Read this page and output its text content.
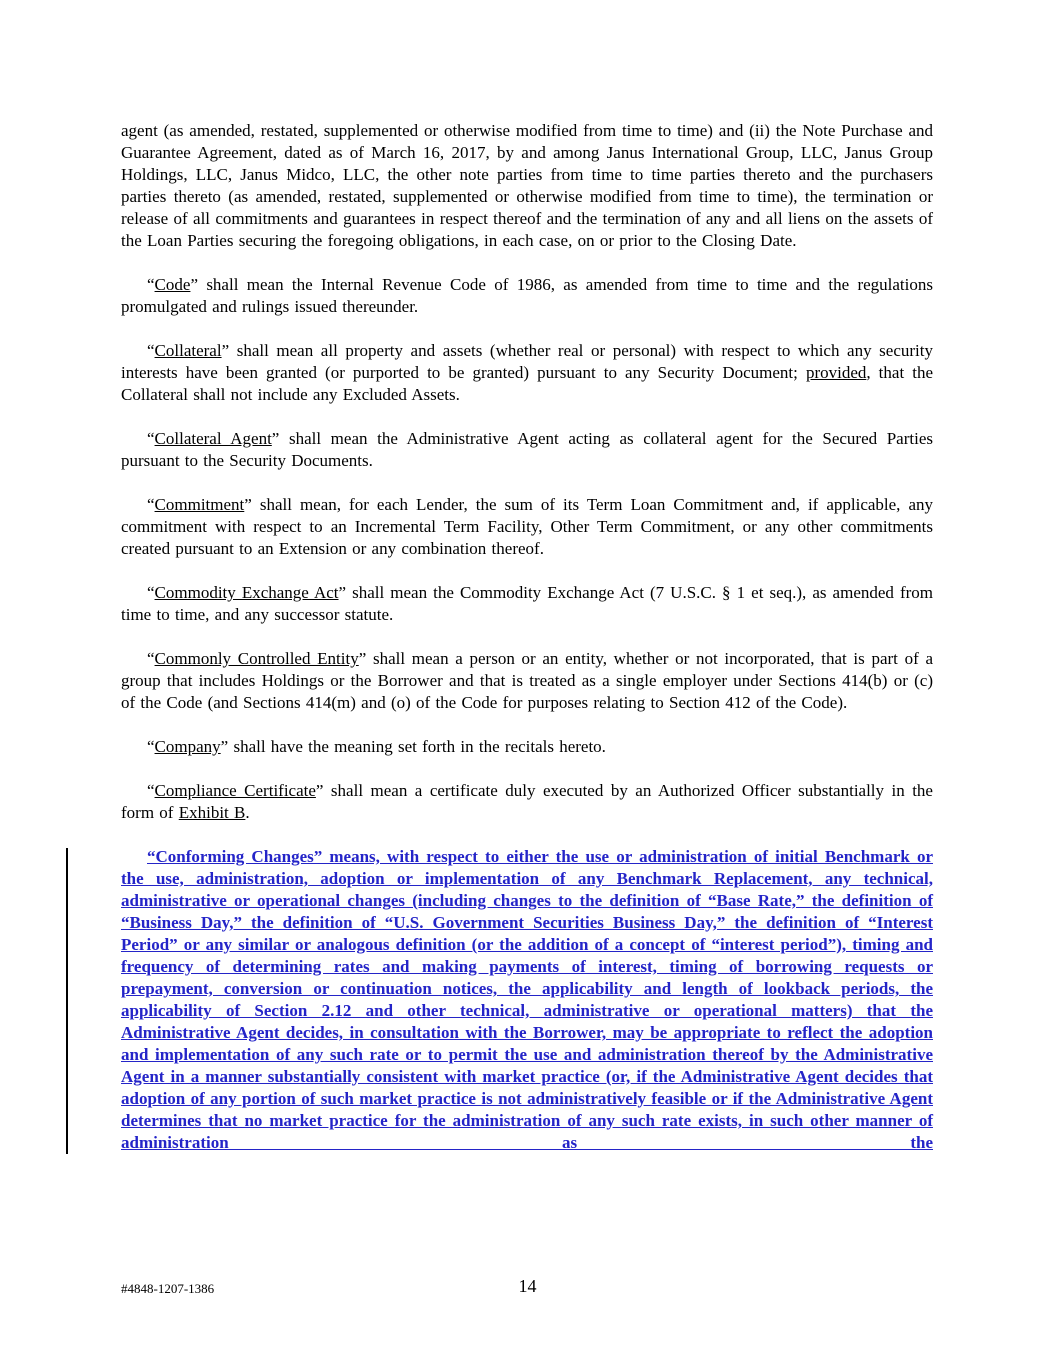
agent (as amended, restated, supplemented or otherwise modified from time to time) and (ii) the Note Purchase and Guarantee Agreement, dated as of March 16, 2017, by and among Janus International Group, LLC, Janus Group Holdings, LLC, Janus Midco, LLC, the other note parties from time to time parties thereto and the purchasers parties thereto (as amended, restated, supplemented or otherwise modified from time to time), the termination or release of all commitments and guarantees in respect thereof and the termination of any and all liens on the assets of the Loan Parties securing the foregoing obligations, in each case, on or prior to the Closing Date.

“Code” shall mean the Internal Revenue Code of 1986, as amended from time to time and the regulations promulgated and rulings issued thereunder.

“Collateral” shall mean all property and assets (whether real or personal) with respect to which any security interests have been granted (or purported to be granted) pursuant to any Security Document; provided, that the Collateral shall not include any Excluded Assets.

“Collateral Agent” shall mean the Administrative Agent acting as collateral agent for the Secured Parties pursuant to the Security Documents.

“Commitment” shall mean, for each Lender, the sum of its Term Loan Commitment and, if applicable, any commitment with respect to an Incremental Term Facility, Other Term Commitment, or any other commitments created pursuant to an Extension or any combination thereof.

“Commodity Exchange Act” shall mean the Commodity Exchange Act (7 U.S.C. § 1 et seq.), as amended from time to time, and any successor statute.

“Commonly Controlled Entity” shall mean a person or an entity, whether or not incorporated, that is part of a group that includes Holdings or the Borrower and that is treated as a single employer under Sections 414(b) or (c) of the Code (and Sections 414(m) and (o) of the Code for purposes relating to Section 412 of the Code).

“Company” shall have the meaning set forth in the recitals hereto.

“Compliance Certificate” shall mean a certificate duly executed by an Authorized Officer substantially in the form of Exhibit B.

“Conforming Changes” means, with respect to either the use or administration of initial Benchmark or the use, administration, adoption or implementation of any Benchmark Replacement, any technical, administrative or operational changes (including changes to the definition of “Base Rate,” the definition of “Business Day,” the definition of “U.S. Government Securities Business Day,” the definition of “Interest Period” or any similar or analogous definition (or the addition of a concept of “interest period”), timing and frequency of determining rates and making payments of interest, timing of borrowing requests or prepayment, conversion or continuation notices, the applicability and length of lookback periods, the applicability of Section 2.12 and other technical, administrative or operational matters) that the Administrative Agent decides, in consultation with the Borrower, may be appropriate to reflect the adoption and implementation of any such rate or to permit the use and administration thereof by the Administrative Agent in a manner substantially consistent with market practice (or, if the Administrative Agent decides that adoption of any portion of such market practice is not administratively feasible or if the Administrative Agent determines that no market practice for the administration of any such rate exists, in such other manner of administration as the

#4848-1207-1386	14
